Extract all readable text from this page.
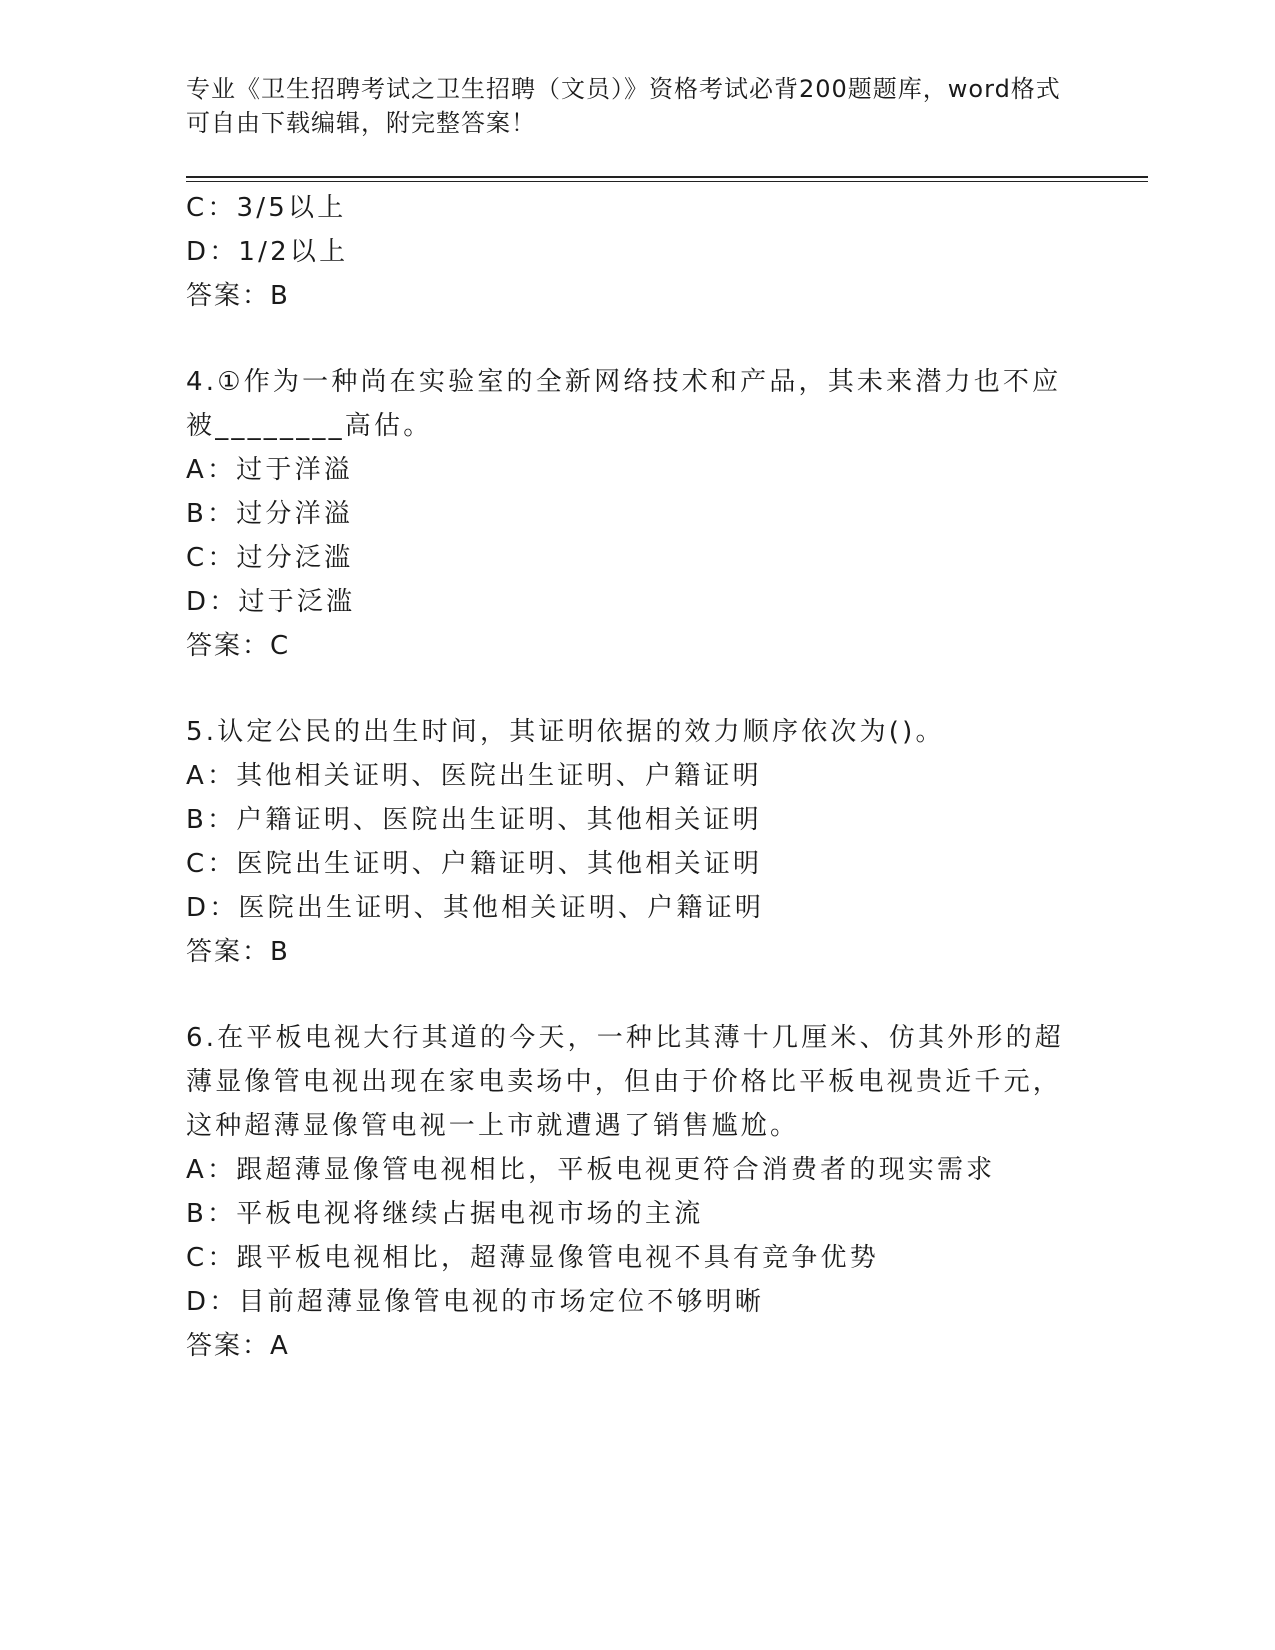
专业《卫生招聘考试之卫生招聘（文员）》资格考试必背200题题库，word格式
可自由下载编辑，附完整答案！
C：3/5以上
D：1/2以上
答案：B
4.①作为一种尚在实验室的全新网络技术和产品，其未来潜力也不应
被________高估。
A：过于洋溢
B：过分洋溢
C：过分泛滥
D：过于泛滥
答案：C
5.认定公民的出生时间，其证明依据的效力顺序依次为()。
A：其他相关证明、医院出生证明、户籍证明
B：户籍证明、医院出生证明、其他相关证明
C：医院出生证明、户籍证明、其他相关证明
D：医院出生证明、其他相关证明、户籍证明
答案：B
6.在平板电视大行其道的今天，一种比其薄十几厘米、仿其外形的超
薄显像管电视出现在家电卖场中，但由于价格比平板电视贵近千元，
这种超薄显像管电视一上市就遭遇了销售尴尬。
A：跟超薄显像管电视相比，平板电视更符合消费者的现实需求
B：平板电视将继续占据电视市场的主流
C：跟平板电视相比，超薄显像管电视不具有竞争优势
D：目前超薄显像管电视的市场定位不够明晰
答案：A
